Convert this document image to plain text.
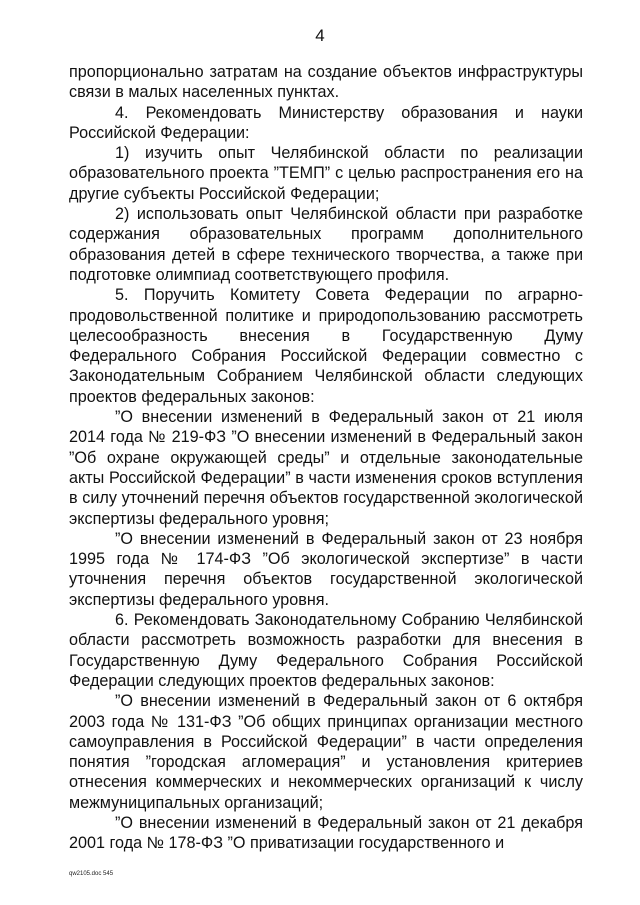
4

пропорционально затратам на создание объектов инфраструктуры связи в малых населенных пунктах.

4. Рекомендовать Министерству образования и науки Российской Федерации:

1) изучить опыт Челябинской области по реализации образовательного проекта ”ТЕМП” с целью распространения его на другие субъекты Российской Федерации;

2) использовать опыт Челябинской области при разработке содержания образовательных программ дополнительного образования детей в сфере технического творчества, а также при подготовке олимпиад соответствующего профиля.

5. Поручить Комитету Совета Федерации по аграрно-продовольственной политике и природопользованию рассмотреть целесообразность внесения в Государственную Думу Федерального Собрания Российской Федерации совместно с Законодательным Собранием Челябинской области следующих проектов федеральных законов:

”О внесении изменений в Федеральный закон от 21 июля 2014 года № 219-ФЗ ”О внесении изменений в Федеральный закон ”Об охране окружающей среды” и отдельные законодательные акты Российской Федерации” в части изменения сроков вступления в силу уточнений перечня объектов государственной экологической экспертизы федерального уровня;

”О внесении изменений в Федеральный закон от 23 ноября 1995 года № 174-ФЗ ”Об экологической экспертизе” в части уточнения перечня объектов государственной экологической экспертизы федерального уровня.

6. Рекомендовать Законодательному Собранию Челябинской области рассмотреть возможность разработки для внесения в Государственную Думу Федерального Собрания Российской Федерации следующих проектов федеральных законов:

”О внесении изменений в Федеральный закон от 6 октября 2003 года № 131-ФЗ ”Об общих принципах организации местного самоуправления в Российской Федерации” в части определения понятия ”городская агломерация” и установления критериев отнесения коммерческих и некоммерческих организаций к числу межмуниципальных организаций;

”О внесении изменений в Федеральный закон от 21 декабря 2001 года № 178-ФЗ ”О приватизации государственного и

qw2105.doc 545
